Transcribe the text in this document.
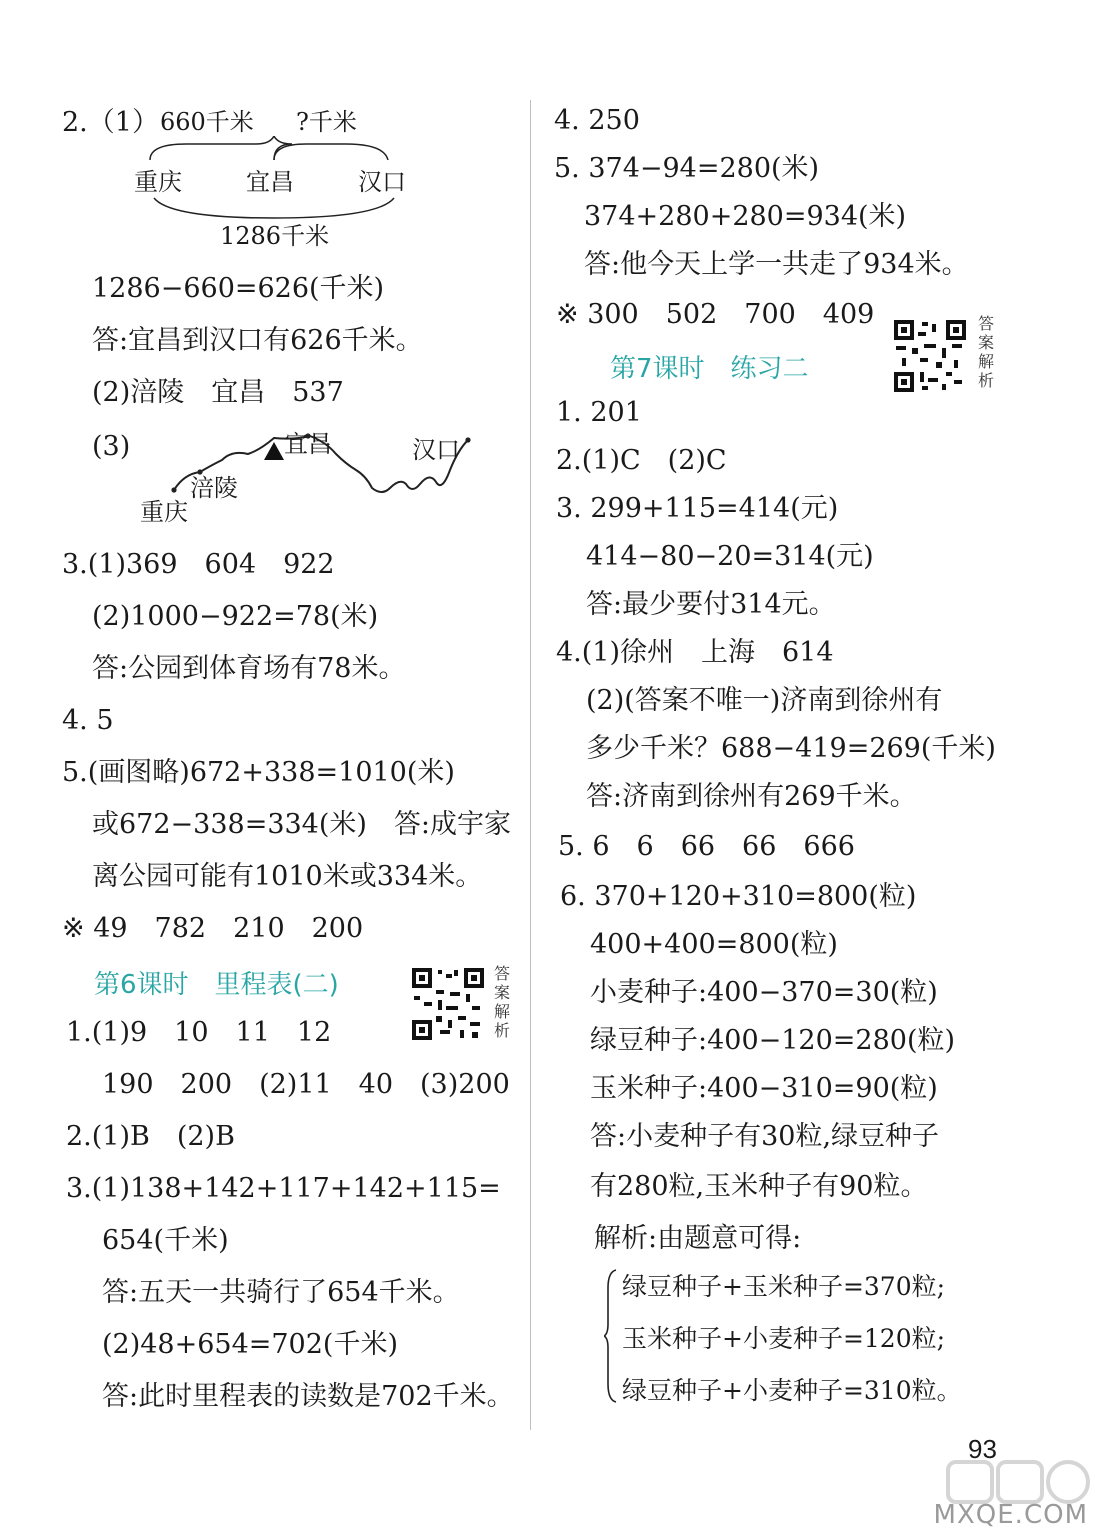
2.（1） 660千米 ?千米
重庆	宜昌	汉口
1286千米
1286−660=626(千米)
答:宜昌到汉口有626千米。
(2)涪陵　宜昌　537
(3)	宜昌	汉口
涪陵
重庆
3.(1)369　604　922
(2)1000−922=78(米)
答:公园到体育场有78米。
4. 5
5.(画图略)672+338=1010(米)
或672−338=334(米)　答:成宇家
离公园可能有1010米或334米。
※ 49　782　210　200
第6课时　里程表(二)	答案解析
1.(1)9　10　11　12
190　200　(2)11　40　(3)200
2.(1)B　(2)B
3.(1)138+142+117+142+115=
654(千米)
答:五天一共骑行了654千米。
(2)48+654=702(千米)
答:此时里程表的读数是702千米。
4. 250
5. 374−94=280(米)
374+280+280=934(米)
答:他今天上学一共走了934米。
※ 300　502　700　409
第7课时　练习二
答案解析
1. 201
2.(1)C　(2)C
3. 299+115=414(元)
414−80−20=314(元)
答:最少要付314元。
4.(1)徐州　上海　614
(2)(答案不唯一)济南到徐州有
多少千米？688−419=269(千米)
答:济南到徐州有269千米。
5. 6　6　66　66　666
6. 370+120+310=800(粒)
400+400=800(粒)
小麦种子:400−370=30(粒)
绿豆种子:400−120=280(粒)
玉米种子:400−310=90(粒)
答:小麦种子有30粒,绿豆种子
有280粒,玉米种子有90粒。
解析:由题意可得:
绿豆种子+玉米种子=370粒;
玉米种子+小麦种子=120粒;
绿豆种子+小麦种子=310粒。
93
MXQE.COM
